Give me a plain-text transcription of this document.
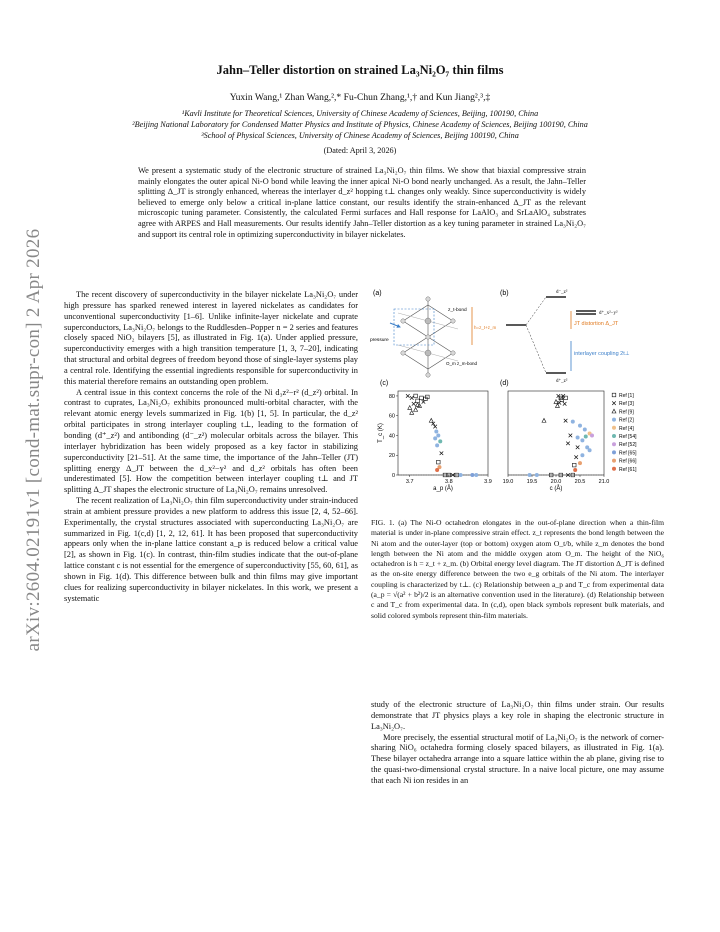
arXiv:2604.02191v1 [cond-mat.supr-con] 2 Apr 2026
Jahn–Teller distortion on strained La₃Ni₂O₇ thin films
Yuxin Wang,¹ Zhan Wang,²,* Fu-Chun Zhang,¹,† and Kun Jiang²,³,‡
¹Kavli Institute for Theoretical Sciences, University of Chinese Academy of Sciences, Beijing, 100190, China
²Beijing National Laboratory for Condensed Matter Physics and Institute of Physics, Chinese Academy of Sciences, Beijing 100190, China
³School of Physical Sciences, University of Chinese Academy of Sciences, Beijing 100190, China
(Dated: April 3, 2026)
We present a systematic study of the electronic structure of strained La₃Ni₂O₇ thin films. We show that biaxial compressive strain mainly elongates the outer apical Ni-O bond while leaving the inner apical Ni-O bond nearly unchanged. As a result, the Jahn–Teller splitting Δ_JT is strongly enhanced, whereas the interlayer d_z² hopping t⊥ changes only weakly. Since superconductivity is widely believed to emerge only below a critical in-plane lattice constant, our results identify the strain-enhanced Δ_JT as the relevant microscopic tuning parameter. Consistently, the calculated Fermi surfaces and Hall response for LaAlO₃ and SrLaAlO₄ substrates agree with ARPES and Hall measurements. Our results identify Jahn–Teller distortion as a key tuning parameter in strained La₃Ni₂O₇ and support its central role in optimizing superconductivity in bilayer nickelates.

The recent discovery of superconductivity in the bilayer nickelate La₃Ni₂O₇ under high pressure has sparked renewed interest in layered nickelates as candidates for unconventional superconductivity [1–6]. Unlike infinite-layer nickelate and cuprate superconductors, La₃Ni₂O₇ belongs to the Ruddlesden–Popper n = 2 series and features closely spaced NiO₂ bilayers [5], as illustrated in Fig. 1(a). Under applied pressure, superconductivity emerges with a high transition temperature [1, 3, 7–20], indicating that structural and orbital degrees of freedom beyond those of single-layer systems play a central role. Identifying the essential ingredients responsible for superconductivity in this material therefore remains an outstanding open problem.

A central issue in this context concerns the role of the Ni d₃z²−r² (d_z²) orbital. In contrast to cuprates, La₃Ni₂O₇ exhibits pronounced multi-orbital character, with the relevant atomic energy levels summarized in Fig. 1(b) [1, 5]. In particular, the d_z² orbital participates in strong interlayer coupling t⊥, leading to the formation of bonding (d⁺_z²) and antibonding (d⁻_z²) molecular orbitals across the bilayer. This interlayer hybridization has been widely proposed as a key factor in stabilizing superconductivity [21–51]. At the same time, the importance of the Jahn–Teller (JT) splitting energy Δ_JT between the d_x²−y² and d_z² orbitals has often been underestimated [5]. How the competition between interlayer coupling t⊥ and JT splitting Δ_JT shapes the electronic structure of La₃Ni₂O₇ remains unresolved.

The recent realization of La₃Ni₂O₇ thin film superconductivity under strain-induced strain at ambient pressure provides a new platform to address this issue [2, 4, 52–66]. Experimentally, the crystal structures associated with superconducting La₃Ni₂O₇ are summarized in Fig. 1(c,d) [1, 2, 12, 61]. It has been proposed that superconductivity appears only when the in-plane lattice constant a_p is reduced below a critical value [2], as shown in Fig. 1(c). In contrast, thin-film studies indicate that the out-of-plane lattice constant c is not essential for the emergence of superconductivity [55, 60, 61], as shown in Fig. 1(d). This difference between bulk and thin films may give important clues for realizing superconductivity in bilayer nickelates. In this work, we present a systematic

(a)	(b)
(c)	(d)
z_t-bond
h=z_t+z_m
O_m z_m-bond
pressure
d⁻_z²
d⁺_x²−y²
JT distortion Δ_JT
interlayer coupling 2t⊥
d⁺_z²
3.7	3.8	3.9
0
20
40
60
80
a_p (Å)
T_c (K)
19.0 19.5 20.0 20.5 21.0
c (Å)
Ref [1]
Ref [3]
Ref [9]
Ref [2]
Ref [4]
Ref [54]
Ref [52]
Ref [65]
Ref [66]
Ref [61]
FIG. 1. (a) The Ni-O octahedron elongates in the out-of-plane direction when a thin-film material is under in-plane compressive strain effect. z_t represents the bond length between the Ni atom and the outer-layer (top or bottom) oxygen atom O_t/b, while z_m denotes the bond length between the Ni atom and the middle oxygen atom O_m. The height of the NiO₆ octahedron is h = z_t + z_m. (b) Orbital energy level diagram. The JT distortion Δ_JT is defined as the on-site energy difference between the two e_g orbitals of the Ni atom. The interlayer coupling is characterized by t⊥. (c) Relationship between a_p and T_c from experimental data (a_p = √(a² + b²)/2 is an alternative convention used in the literature). (d) Relationship between c and T_c from experimental data. In (c,d), open black symbols represent bulk materials, and solid colored symbols represent thin-film materials.

study of the electronic structure of La₃Ni₂O₇ thin films under strain. Our results demonstrate that JT physics plays a key role in shaping the electronic structure in La₃Ni₂O₇.

More precisely, the essential structural motif of La₃Ni₂O₇ is the network of corner-sharing NiO₆ octahedra forming closely spaced bilayers, as illustrated in Fig. 1(a). These bilayer octahedra arrange into a square lattice within the ab plane, giving rise to the quasi-two-dimensional crystal structure. In a naive local picture, one may assume that each Ni ion resides in an
